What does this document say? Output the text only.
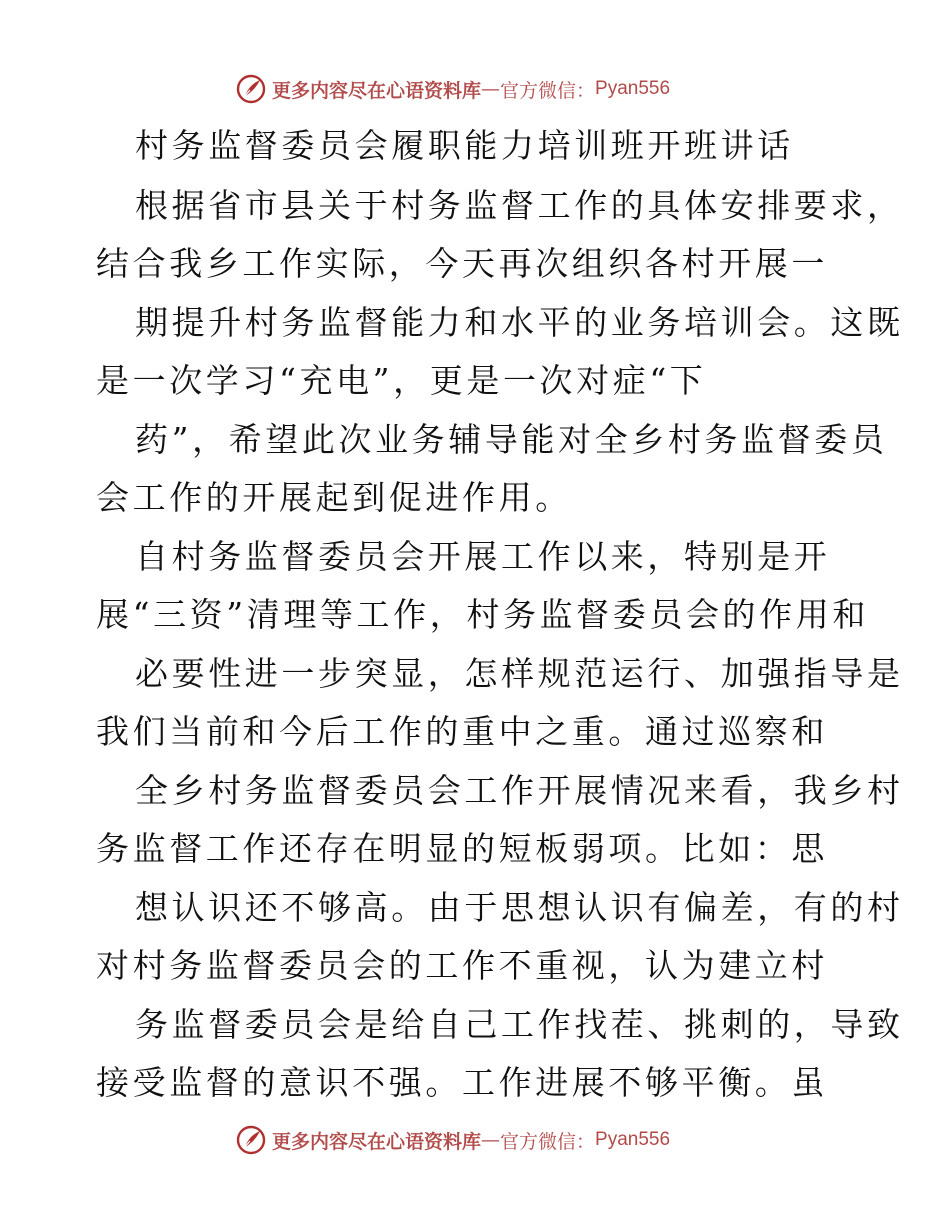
更多内容尽在心语资料库 — 官方微信： Pyan556
村务监督委员会履职能力培训班开班讲话
根据省市县关于村务监督工作的具体安排要求，
结合我乡工作实际，今天再次组织各村开展一
期提升村务监督能力和水平的业务培训会。这既
是一次学习“充电”，更是一次对症“下
药”，希望此次业务辅导能对全乡村务监督委员
会工作的开展起到促进作用。
自村务监督委员会开展工作以来，特别是开
展“三资”清理等工作，村务监督委员会的作用和
必要性进一步突显，怎样规范运行、加强指导是
我们当前和今后工作的重中之重。通过巡察和
全乡村务监督委员会工作开展情况来看，我乡村
务监督工作还存在明显的短板弱项。比如：思
想认识还不够高。由于思想认识有偏差，有的村
对村务监督委员会的工作不重视，认为建立村
务监督委员会是给自己工作找茬、挑刺的，导致
接受监督的意识不强。工作进展不够平衡。虽
更多内容尽在心语资料库 — 官方微信： Pyan556
